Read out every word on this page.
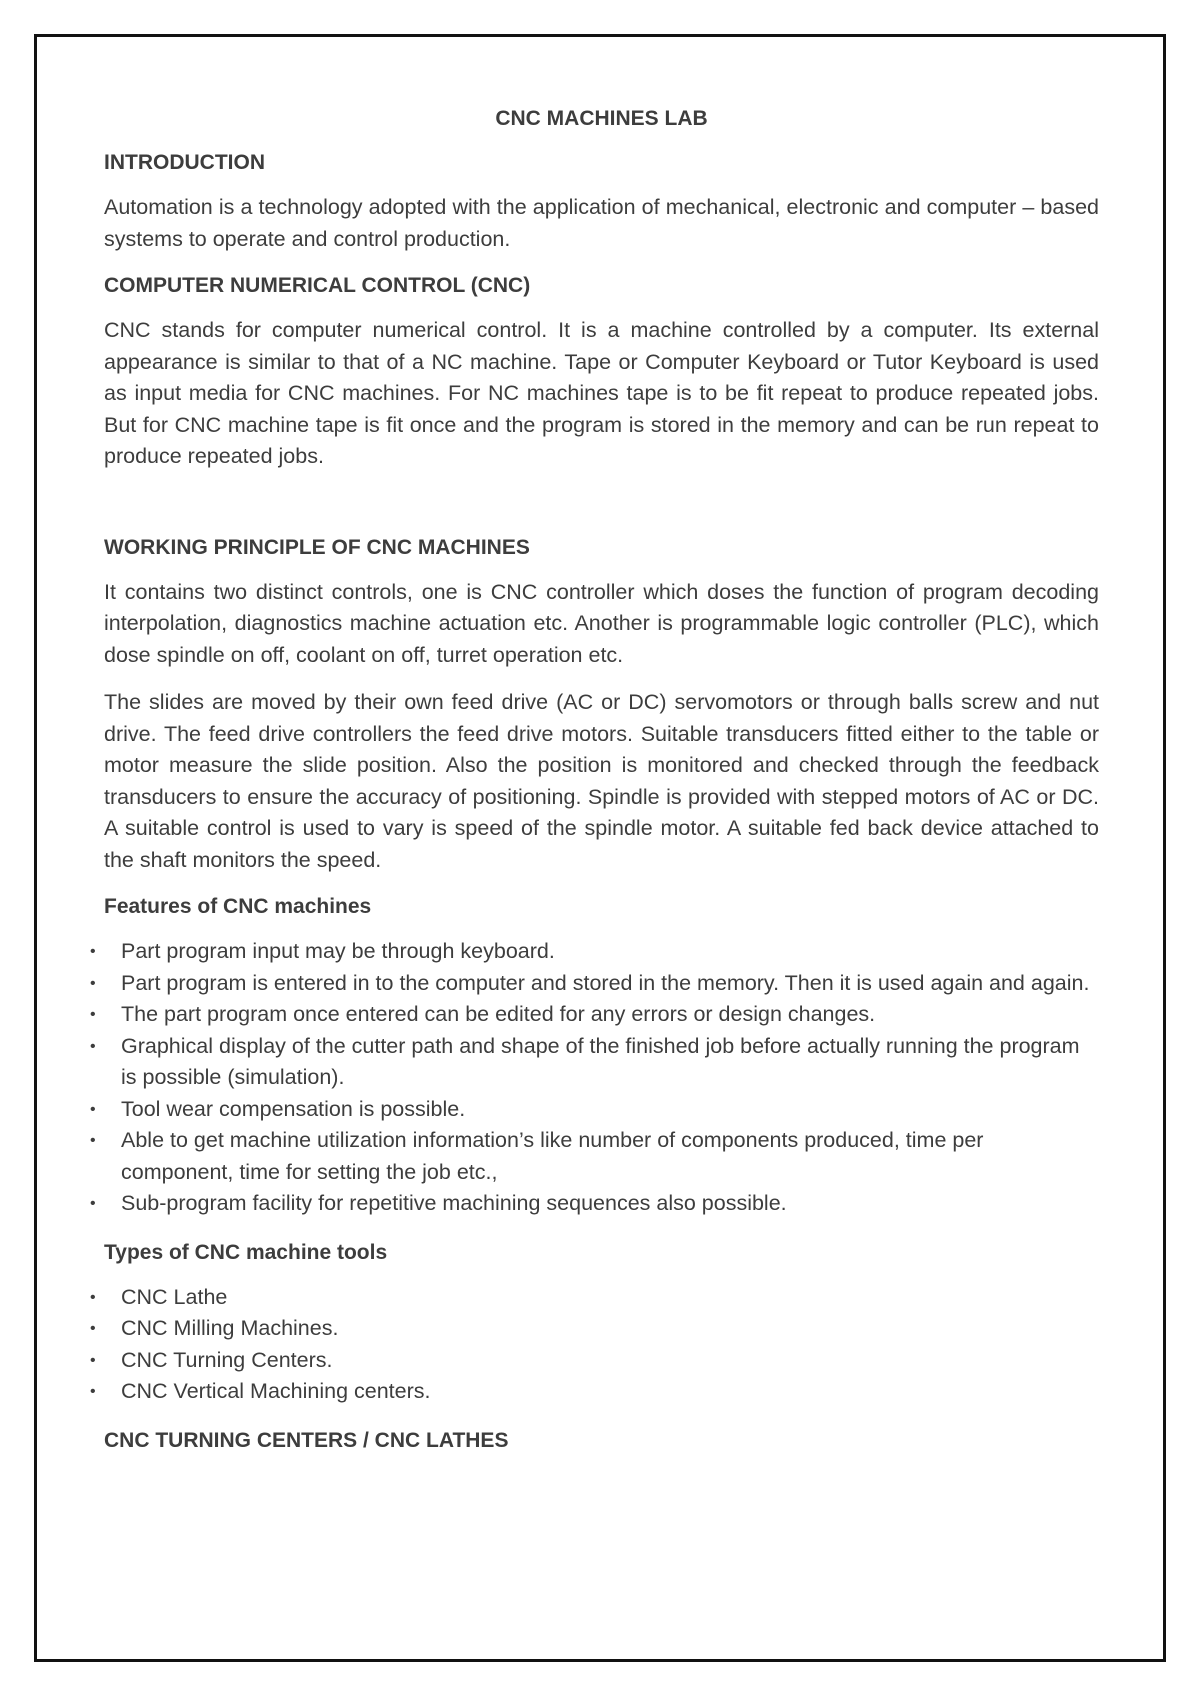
CNC MACHINES LAB
INTRODUCTION

Automation is a technology adopted with the application of mechanical, electronic and computer – based systems to operate and control production.

COMPUTER NUMERICAL CONTROL (CNC)

CNC stands for computer numerical control. It is a machine controlled by a computer. Its external appearance is similar to that of a NC machine. Tape or Computer Keyboard or Tutor Keyboard is used as input media for CNC machines. For NC machines tape is to be fit repeat to produce repeated jobs. But for CNC machine tape is fit once and the program is stored in the memory and can be run repeat to produce repeated jobs.

WORKING PRINCIPLE OF CNC MACHINES

It contains two distinct controls, one is CNC controller which doses the function of program decoding interpolation, diagnostics machine actuation etc. Another is programmable logic controller (PLC), which dose spindle on off, coolant on off, turret operation etc.

The slides are moved by their own feed drive (AC or DC) servomotors or through balls screw and nut drive. The feed drive controllers the feed drive motors. Suitable transducers fitted either to the table or motor measure the slide position. Also the position is monitored and checked through the feedback transducers to ensure the accuracy of positioning. Spindle is provided with stepped motors of AC or DC. A suitable control is used to vary is speed of the spindle motor. A suitable fed back device attached to the shaft monitors the speed.

Features of CNC machines
• Part program input may be through keyboard.
• Part program is entered in to the computer and stored in the memory. Then it is used again and again.
• The part program once entered can be edited for any errors or design changes.
• Graphical display of the cutter path and shape of the finished job before actually running the program is possible (simulation).
• Tool wear compensation is possible.
• Able to get machine utilization information’s like number of components produced, time per component, time for setting the job etc.,
• Sub-program facility for repetitive machining sequences also possible.
Types of CNC machine tools
• CNC Lathe
• CNC Milling Machines.
• CNC Turning Centers.
• CNC Vertical Machining centers.
CNC TURNING CENTERS / CNC LATHES
